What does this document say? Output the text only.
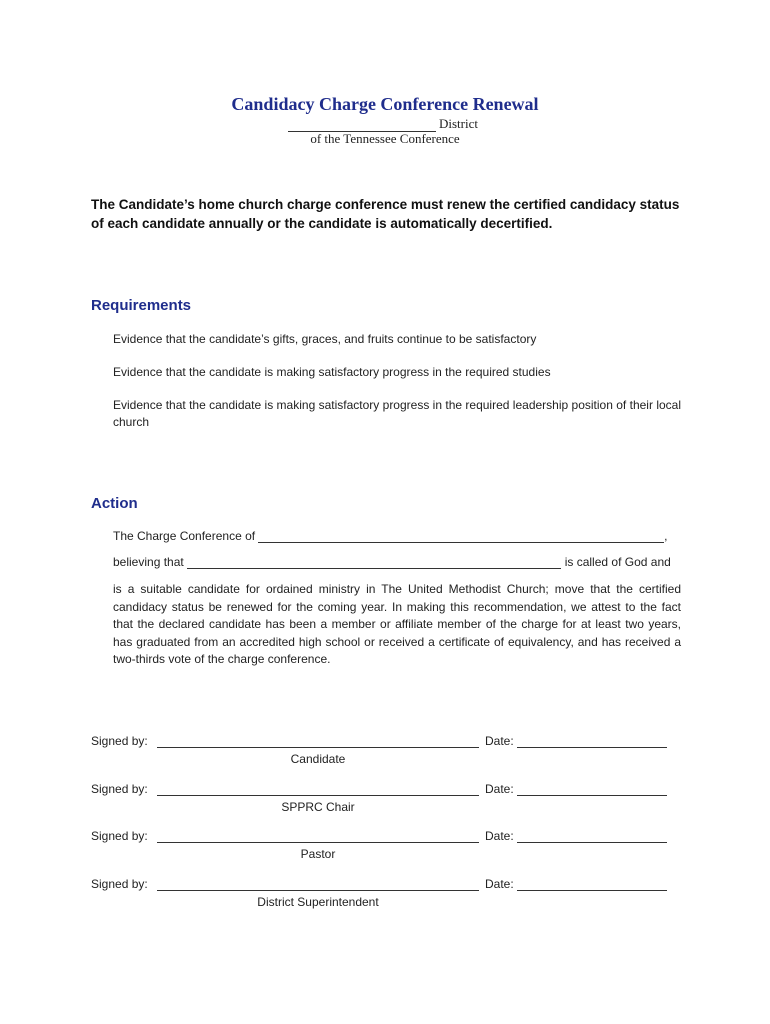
Candidacy Charge Conference Renewal
District
of the Tennessee Conference
The Candidate’s home church charge conference must renew the certified candidacy status of each candidate annually or the candidate is automatically decertified.
Requirements
Evidence that the candidate’s gifts, graces, and fruits continue to be satisfactory
Evidence that the candidate is making satisfactory progress in the required studies
Evidence that the candidate is making satisfactory progress in the required leadership position of their local church
Action
The Charge Conference of	,
believing that	is called of God and
is a suitable candidate for ordained ministry in The United Methodist Church; move that the certified candidacy status be renewed for the coming year. In making this recommendation, we attest to the fact that the declared candidate has been a member or affiliate member of the charge for at least two years, has graduated from an accredited high school or received a certificate of equivalency, and has received a two-thirds vote of the charge conference.
Signed by:	Date:
Candidate
Signed by:	Date:
SPPRC Chair
Signed by:	Date:
Pastor
Signed by:	Date:
District Superintendent
